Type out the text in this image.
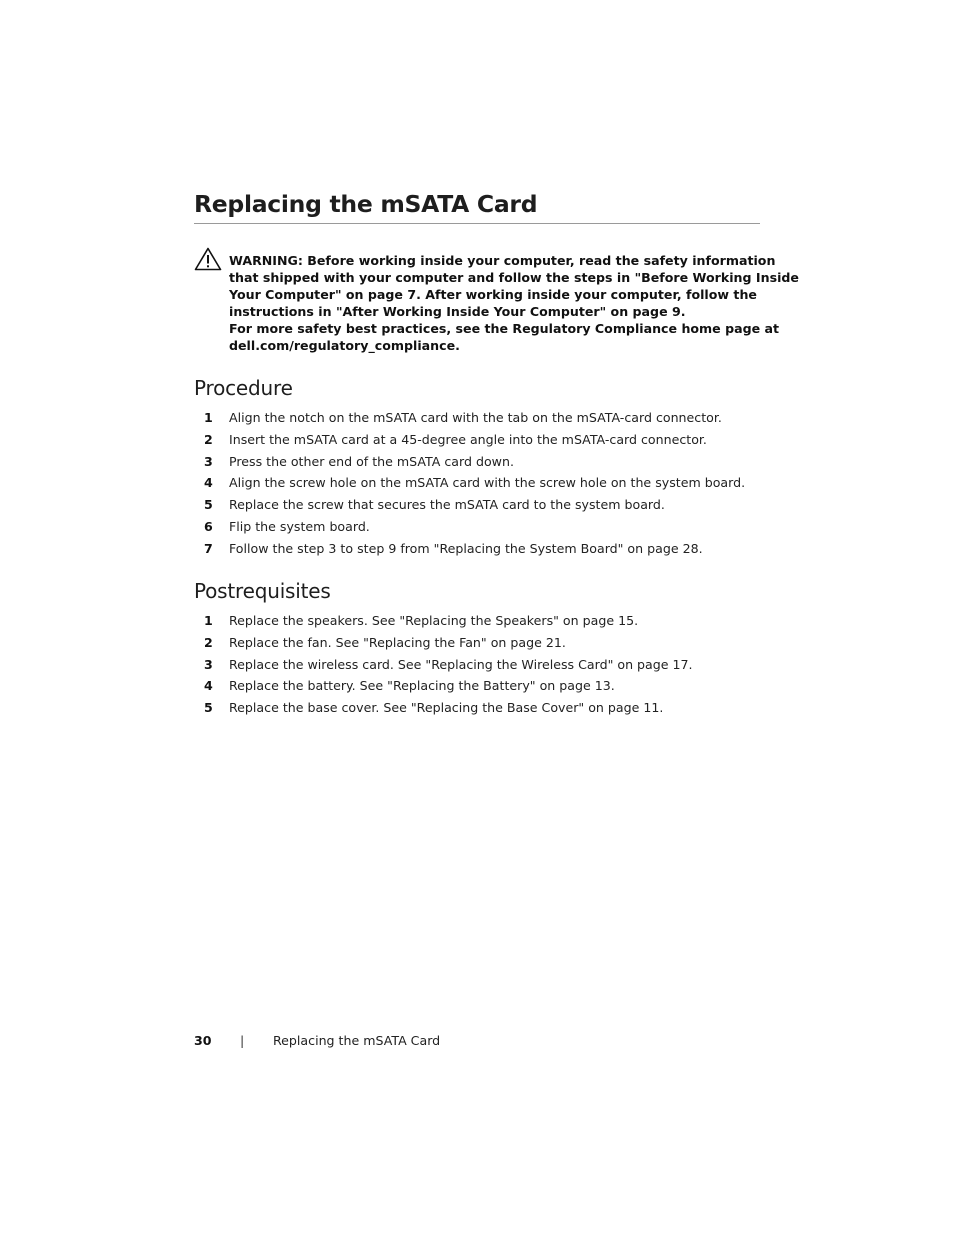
Replacing the mSATA Card
WARNING: Before working inside your computer, read the safety information
that shipped with your computer and follow the steps in "Before Working Inside
Your Computer" on page 7. After working inside your computer, follow the
instructions in "After Working Inside Your Computer" on page 9.
For more safety best practices, see the Regulatory Compliance home page at
dell.com/regulatory_compliance.
Procedure
1 Align the notch on the mSATA card with the tab on the mSATA-card connector.
2 Insert the mSATA card at a 45-degree angle into the mSATA-card connector.
3 Press the other end of the mSATA card down.
4 Align the screw hole on the mSATA card with the screw hole on the system board.
5 Replace the screw that secures the mSATA card to the system board.
6 Flip the system board.
7 Follow the step 3 to step 9 from "Replacing the System Board" on page 28.
Postrequisites
1 Replace the speakers. See "Replacing the Speakers" on page 15.
2 Replace the fan. See "Replacing the Fan" on page 21.
3 Replace the wireless card. See "Replacing the Wireless Card" on page 17.
4 Replace the battery. See "Replacing the Battery" on page 13.
5 Replace the base cover. See "Replacing the Base Cover" on page 11.
30 | Replacing the mSATA Card
